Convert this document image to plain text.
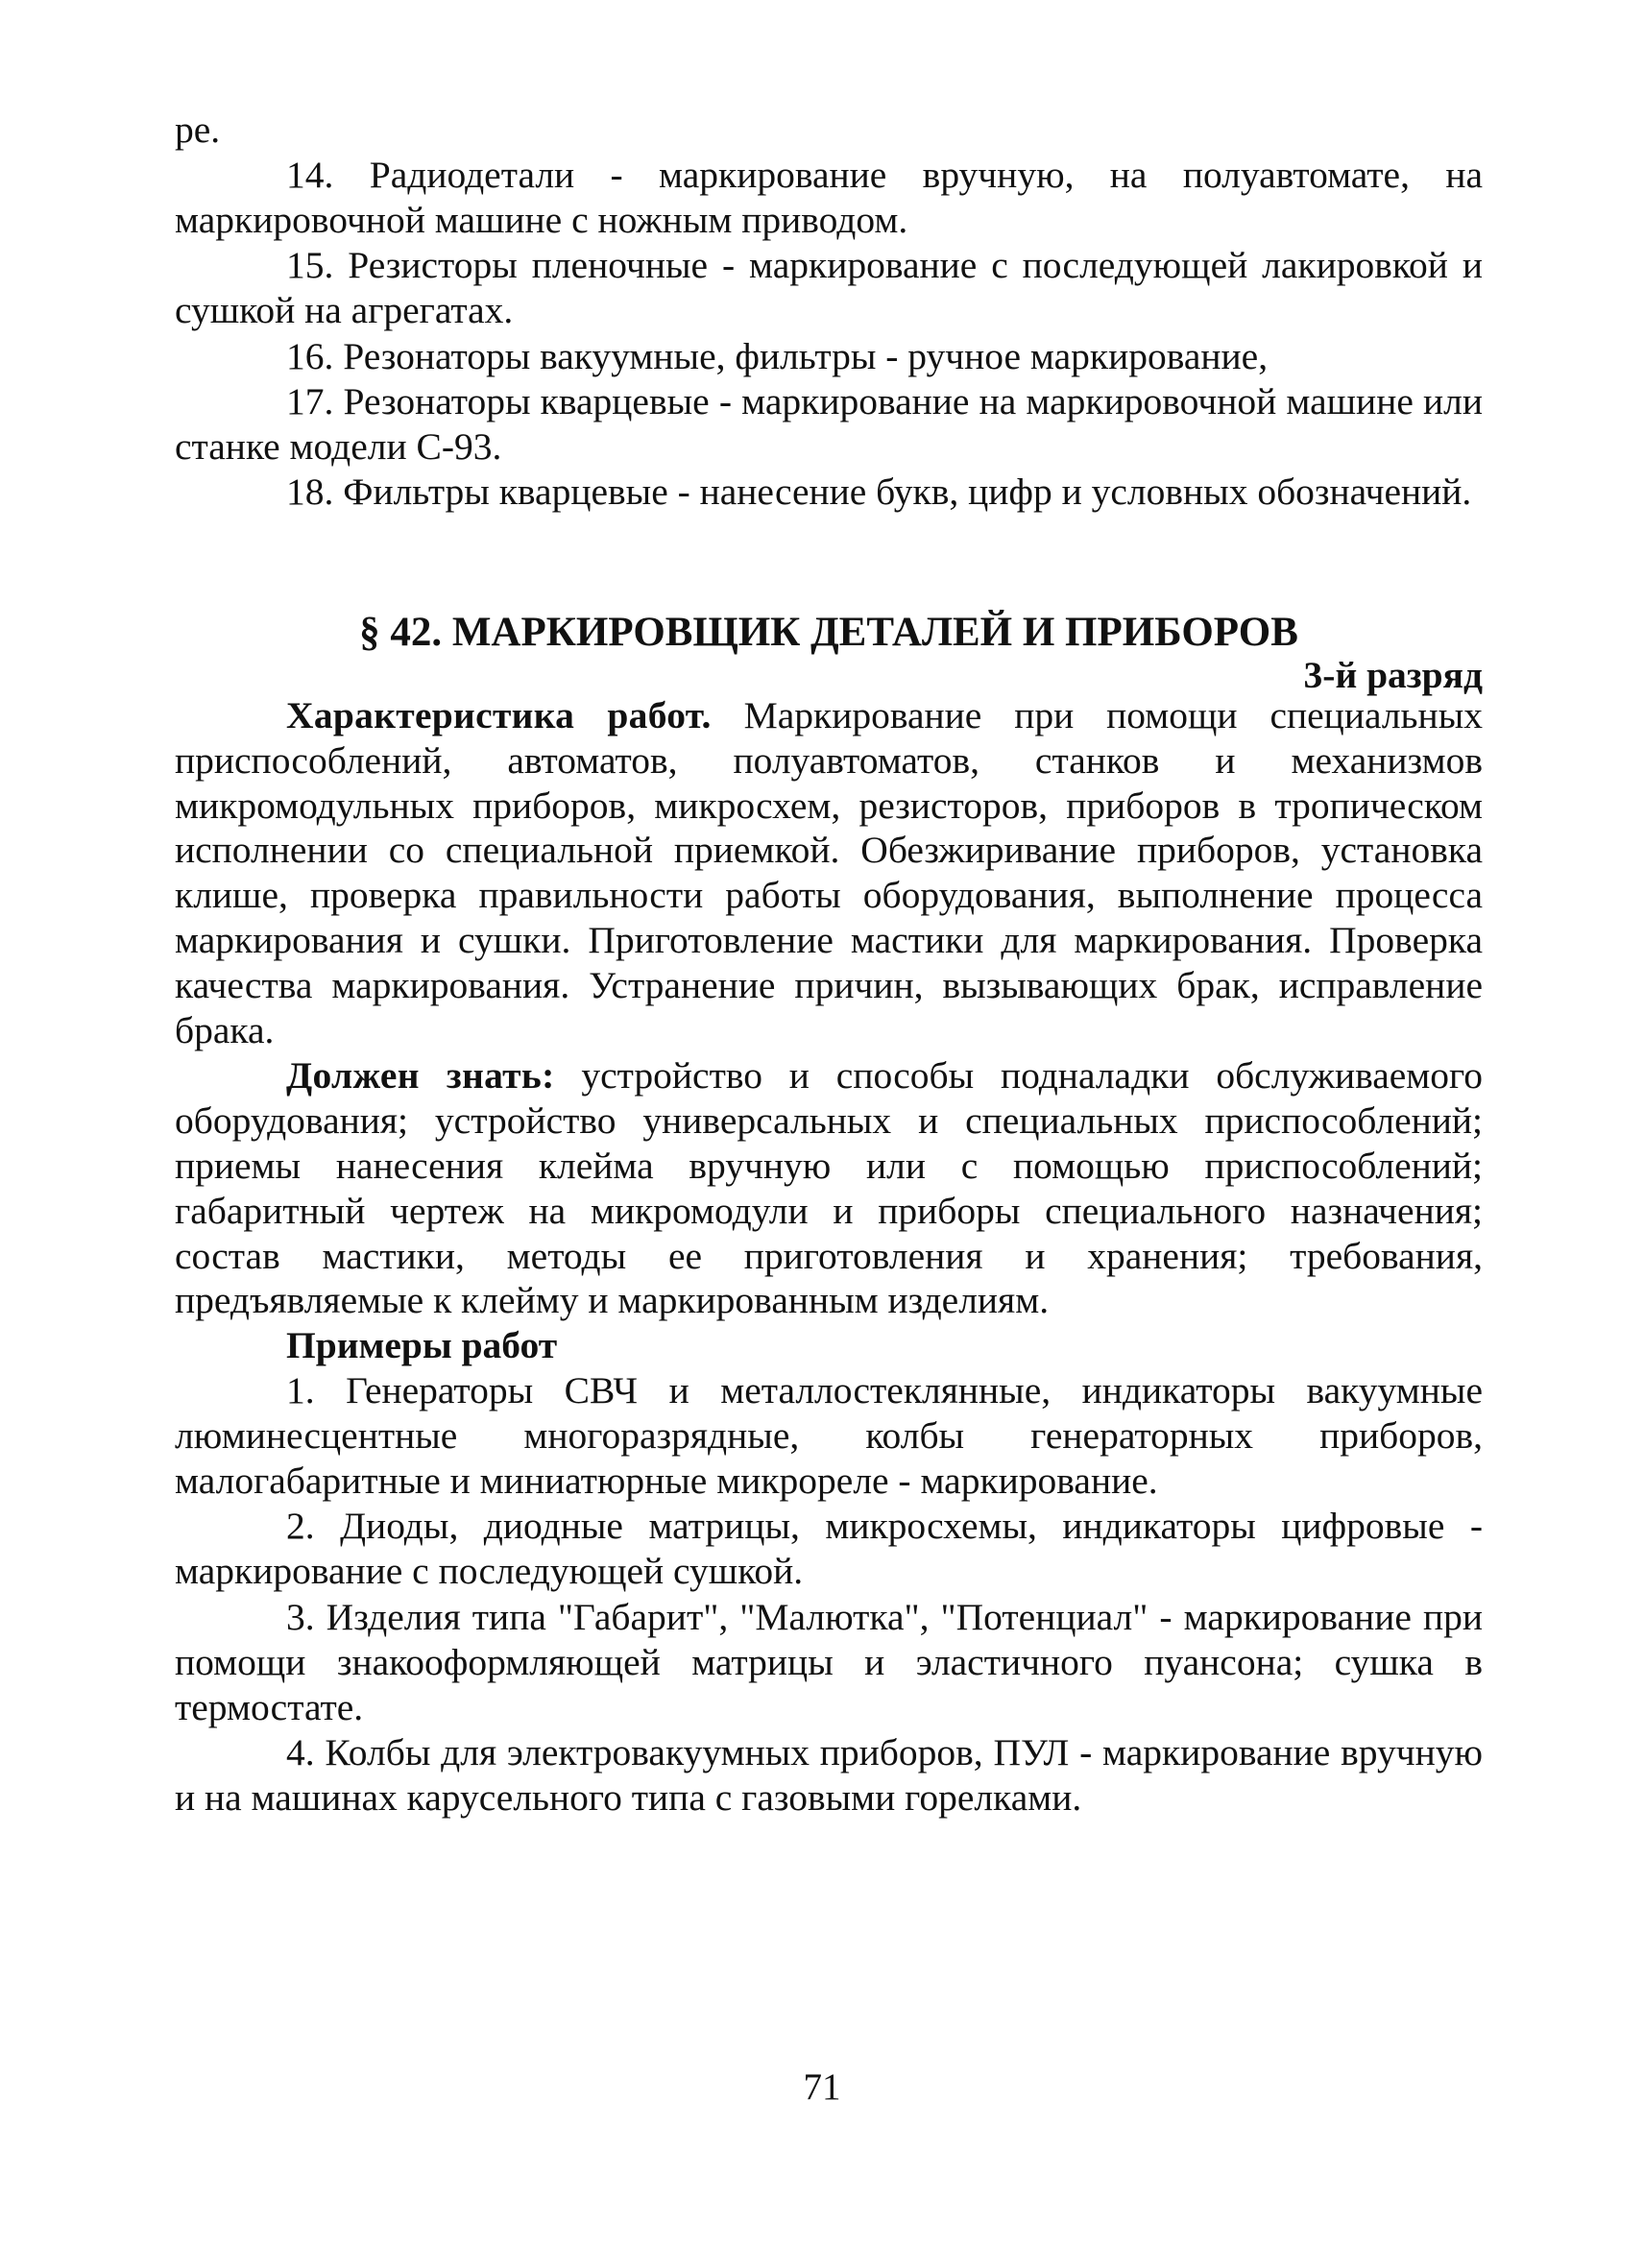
ре.

14. Радиодетали - маркирование вручную, на полуавтомате, на маркировочной машине с ножным приводом.

15. Резисторы пленочные - маркирование с последующей лакировкой и сушкой на агрегатах.

16. Резонаторы вакуумные, фильтры - ручное маркирование,

17. Резонаторы кварцевые - маркирование на маркировочной машине или станке модели С-93.

18. Фильтры кварцевые - нанесение букв, цифр и условных обозначений.

§ 42. МАРКИРОВЩИК ДЕТАЛЕЙ И ПРИБОРОВ

3-й разряд

Характеристика работ. Маркирование при помощи специальных приспособлений, автоматов, полуавтоматов, станков и механизмов микромодульных приборов, микросхем, резисторов, приборов в тропическом исполнении со специальной приемкой. Обезжиривание приборов, установка клише, проверка правильности работы оборудования, выполнение процесса маркирования и сушки. Приготовление мастики для маркирования. Проверка качества маркирования. Устранение причин, вызывающих брак, исправление брака.

Должен знать: устройство и способы подналадки обслуживаемого оборудования; устройство универсальных и специальных приспособлений; приемы нанесения клейма вручную или с помощью приспособлений; габаритный чертеж на микромодули и приборы специального назначения; состав мастики, методы ее приготовления и хранения; требования, предъявляемые к клейму и маркированным изделиям.

Примеры работ

1. Генераторы СВЧ и металлостеклянные, индикаторы вакуумные люминесцентные многоразрядные, колбы генераторных приборов, малогабаритные и миниатюрные микрореле - маркирование.

2. Диоды, диодные матрицы, микросхемы, индикаторы цифровые - маркирование с последующей сушкой.

3. Изделия типа "Габарит", "Малютка", "Потенциал" - маркирование при помощи знакооформляющей матрицы и эластичного пуансона; сушка в термостате.

4. Колбы для электровакуумных приборов, ПУЛ - маркирование вручную и на машинах карусельного типа с газовыми горелками.

71
